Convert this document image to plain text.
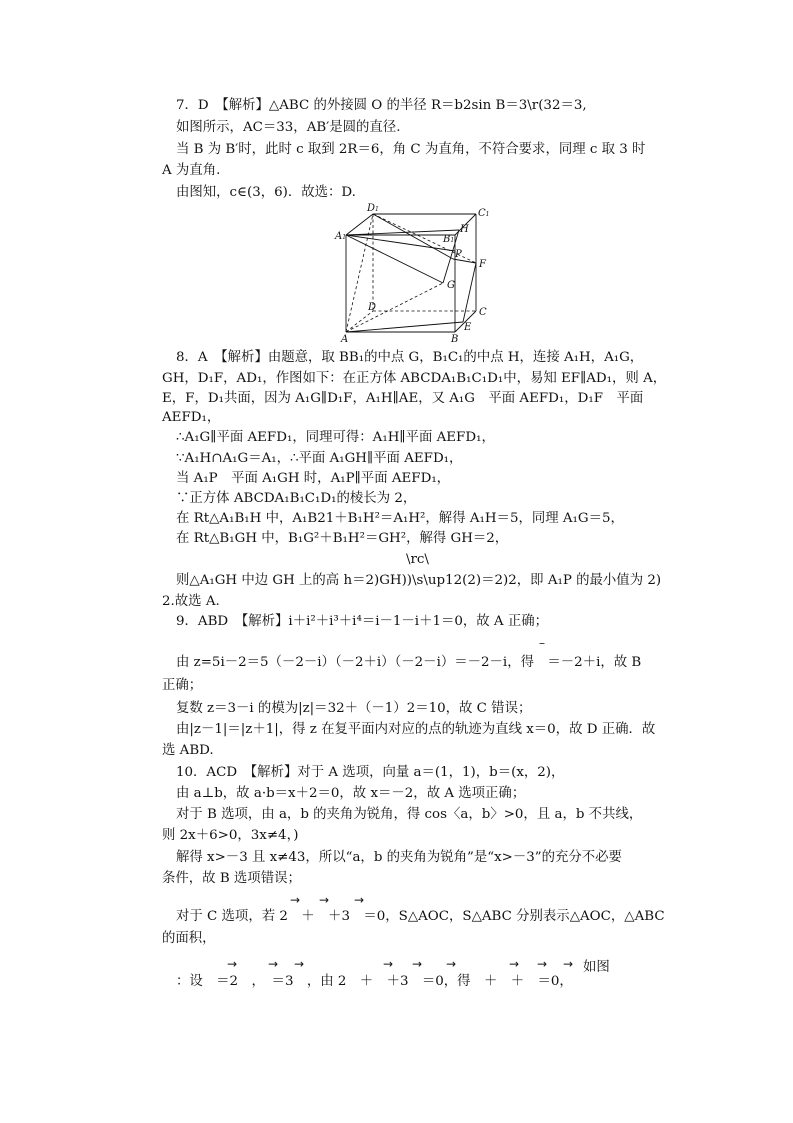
7．D　【解析】△ABC 的外接圆 O 的半径 R＝b2sin B＝3\r(32＝3,
如图所示，AC＝33，AB′是圆的直径.
当 B 为 B′时，此时 c 取到 2R＝6，角 C 为直角，不符合要求，同理 c 取 3 时
A 为直角.
由图知，c∈(3，6)．故选：D.
D1	C1
A1	B1
H
P
F
G
D	C
E
A	B
8．A　【解析】由题意，取 BB₁的中点 G，B₁C₁的中点 H，连接 A₁H，A₁G，
GH，D₁F，AD₁，作图如下：在正方体 ABCDA₁B₁C₁D₁中，易知 EF∥AD₁，则 A，
E，F，D₁共面，因为 A₁G∥D₁F，A₁H∥AE，又 A₁G　平面 AEFD₁，D₁F　平面
AEFD₁，
∴A₁G∥平面 AEFD₁，同理可得：A₁H∥平面 AEFD₁，
∵A₁H∩A₁G＝A₁，∴平面 A₁GH∥平面 AEFD₁，
当 A₁P　平面 A₁GH 时，A₁P∥平面 AEFD₁，
∵正方体 ABCDA₁B₁C₁D₁的棱长为 2，
在 Rt△A₁B₁H 中，A₁B21＋B₁H²＝A₁H²，解得 A₁H＝5，同理 A₁G＝5，
在 Rt△B₁GH 中，B₁G²＋B₁H²＝GH²，解得 GH＝2，
\rc\
则△A₁GH 中边 GH 上的高 h＝2)GH))\s\up12(2)＝2)2，即 A₁P 的最小值为 2)
2.故选 A.
9．ABD　【解析】i＋i²＋i³＋i⁴＝i－1－i＋1＝0，故 A 正确；
–
由 z=5i－2＝5（－2－i）（－2＋i）（－2－i）＝－2－i，得　＝－2＋i，故 B
正确；
复数 z＝3－i 的模为|z|＝32＋（－1）2＝10，故 C 错误；
由|z－1|＝|z＋1|，得 z 在复平面内对应的点的轨迹为直线 x＝0，故 D 正确．故
选 ABD.
10．ACD　【解析】对于 A 选项，向量 a＝(1，1)，b＝(x，2)，
由 a⊥b，故 a·b＝x＋2＝0，故 x＝－2，故 A 选项正确；
对于 B 选项，由 a，b 的夹角为锐角，得 cos〈a，b〉>0，且 a，b 不共线，
则 2x＋6>0，3x≠4，)
解得 x>－3 且 x≠43，所以“a，b 的夹角为锐角”是“x>－3”的充分不必要
条件，故 B 选项错误；
→ → →
对于 C 选项，若 2　＋　＋3　＝0，S△AOC，S△ABC 分别表示△AOC，△ABC
的面积，
→	→ →	→ → →	→ → → 如图
：设　＝2　，　＝3　，由 2　＋　＋3　＝0，得　＋　＋　＝0，
